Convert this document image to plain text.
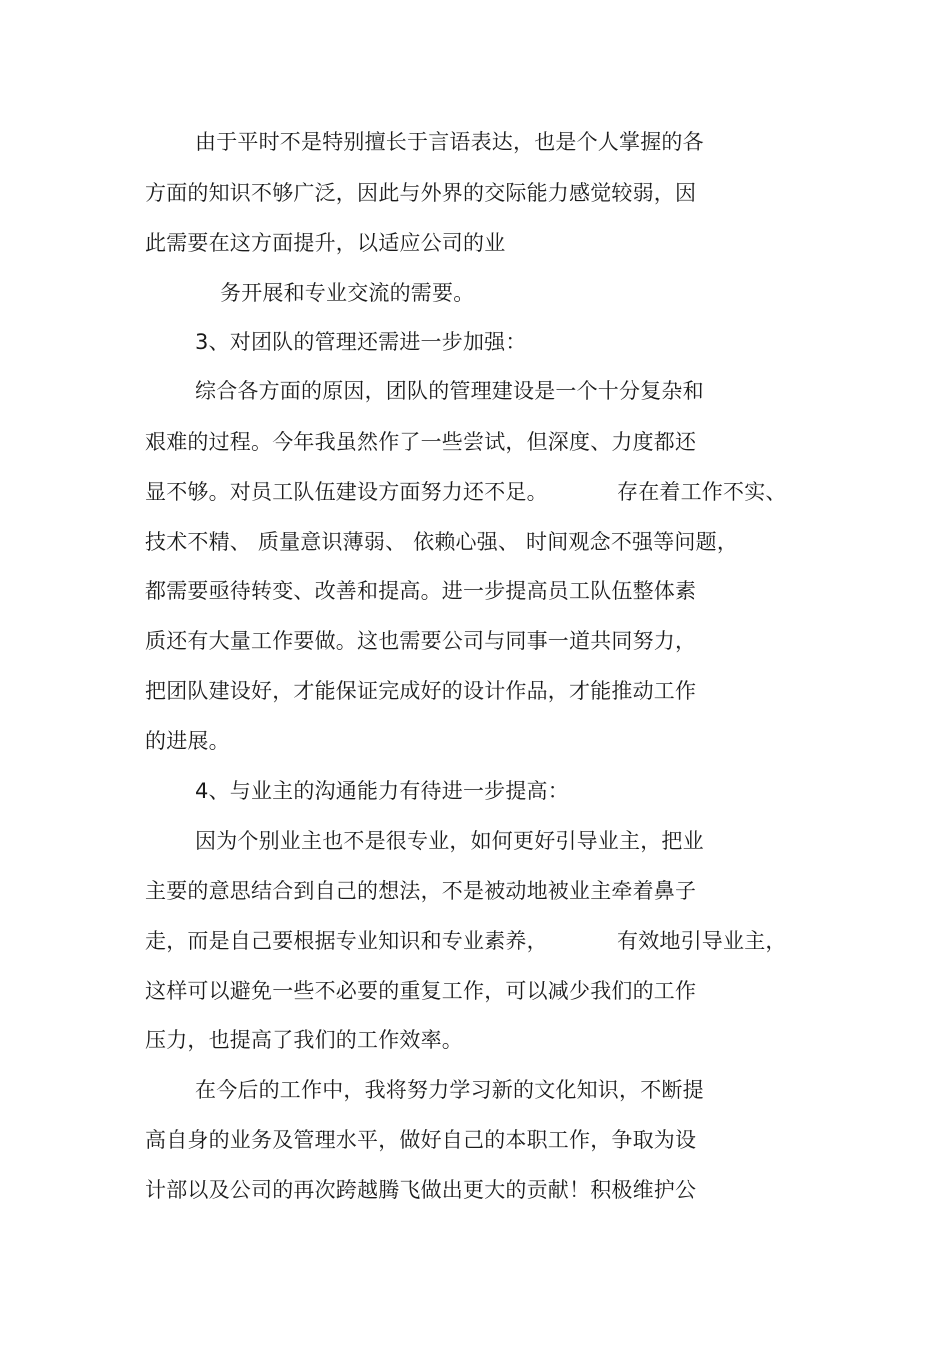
由于平时不是特别擅长于言语表达，也是个人掌握的各
方面的知识不够广泛，因此与外界的交际能力感觉较弱，因
此需要在这方面提升，以适应公司的业
务开展和专业交流的需要。
3、对团队的管理还需进一步加强：
综合各方面的原因，团队的管理建设是一个十分复杂和
艰难的过程。今年我虽然作了一些尝试，但深度、力度都还
显不够。对员工队伍建设方面努力还不足。	存在着工作不实、
技术不精、 质量意识薄弱、 依赖心强、 时间观念不强等问题，
都需要亟待转变、改善和提高。进一步提高员工队伍整体素
质还有大量工作要做。这也需要公司与同事一道共同努力，
把团队建设好，才能保证完成好的设计作品，才能推动工作
的进展。
4、与业主的沟通能力有待进一步提高：
因为个别业主也不是很专业，如何更好引导业主，把业
主要的意思结合到自己的想法，不是被动地被业主牵着鼻子
走，而是自己要根据专业知识和专业素养，	有效地引导业主，
这样可以避免一些不必要的重复工作，可以减少我们的工作
压力，也提高了我们的工作效率。
在今后的工作中，我将努力学习新的文化知识，不断提
高自身的业务及管理水平，做好自己的本职工作，争取为设
计部以及公司的再次跨越腾飞做出更大的贡献！积极维护公
